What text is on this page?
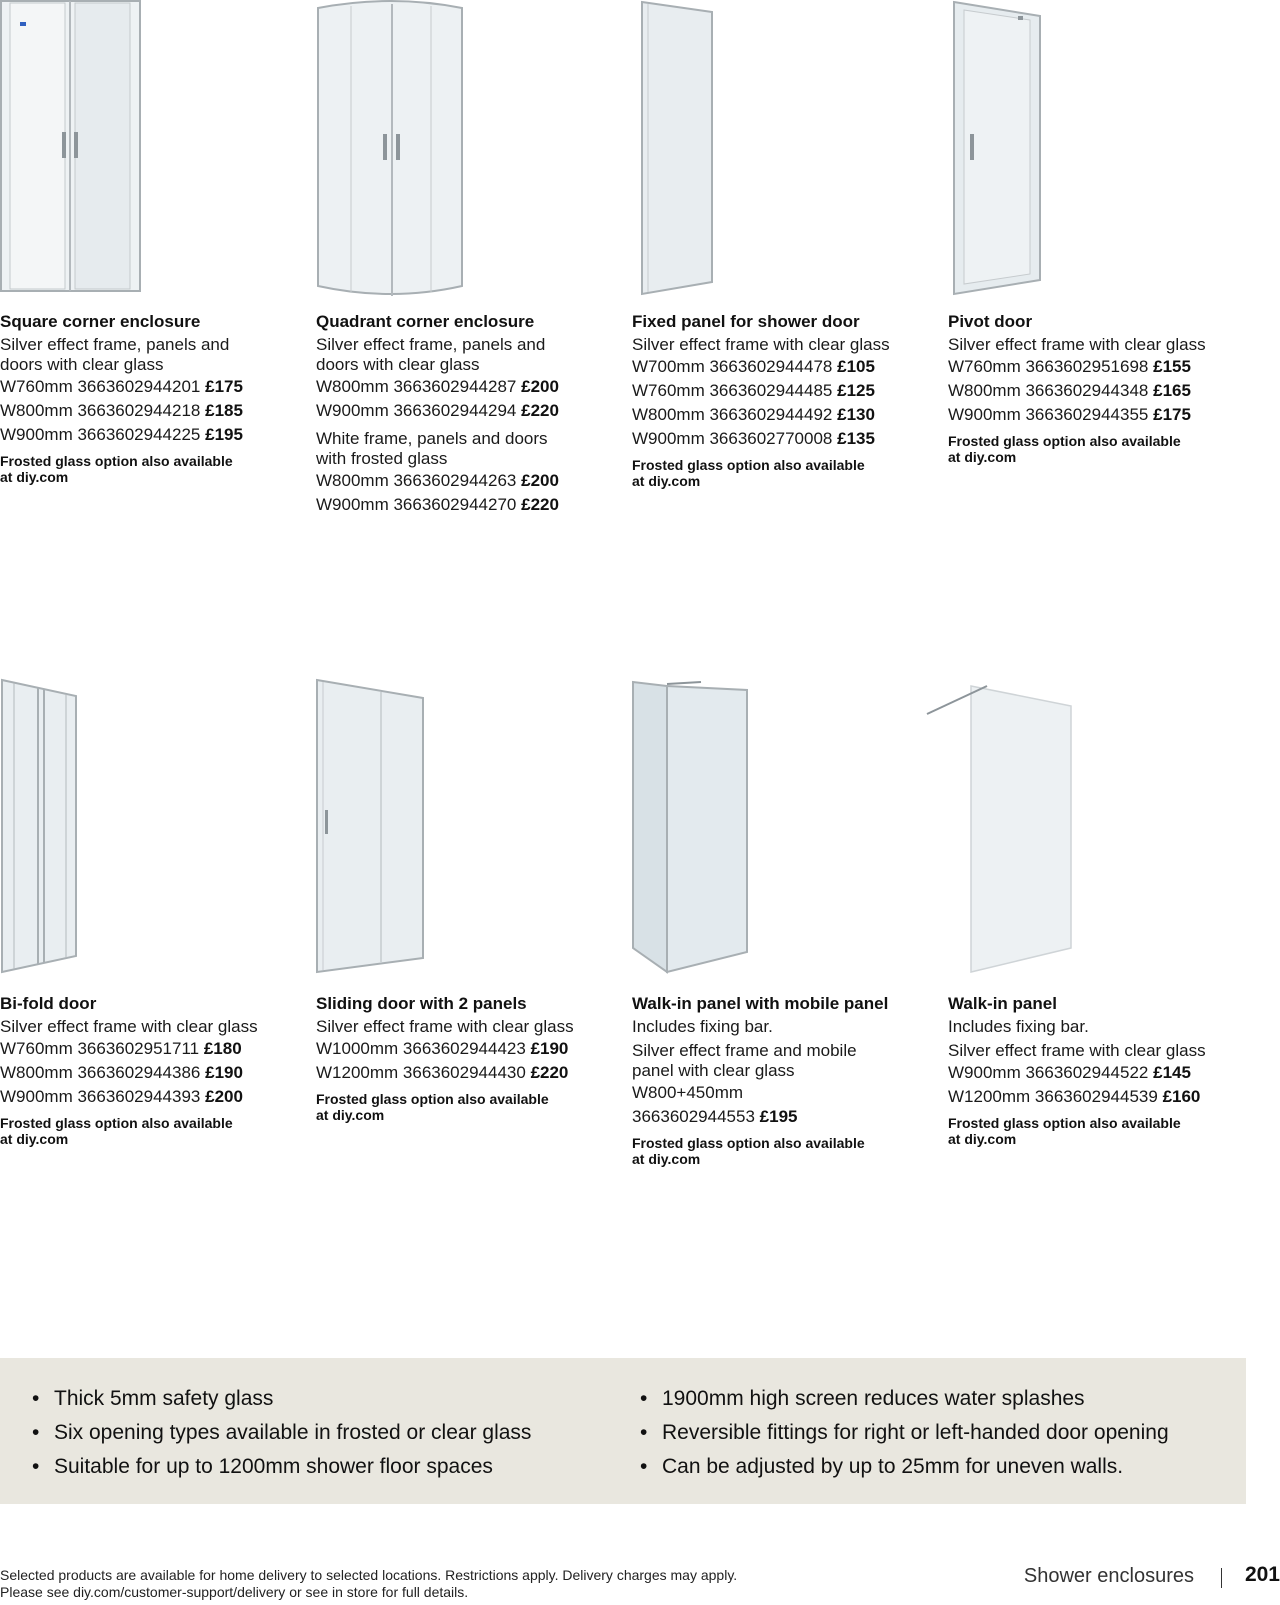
Square corner enclosure
Silver effect frame, panels and
doors with clear glass
W760mm 3663602944201 £175
W800mm 3663602944218 £185
W900mm 3663602944225 £195
Frosted glass option also available
at diy.com
Quadrant corner enclosure
Silver effect frame, panels and
doors with clear glass
W800mm 3663602944287 £200
W900mm 3663602944294 £220
White frame, panels and doors
with frosted glass
W800mm 3663602944263 £200
W900mm 3663602944270 £220
Fixed panel for shower door
Silver effect frame with clear glass
W700mm 3663602944478 £105
W760mm 3663602944485 £125
W800mm 3663602944492 £130
W900mm 3663602770008 £135
Frosted glass option also available
at diy.com
Pivot door
Silver effect frame with clear glass
W760mm 3663602951698 £155
W800mm 3663602944348 £165
W900mm 3663602944355 £175
Frosted glass option also available
at diy.com
Bi-fold door
Silver effect frame with clear glass
W760mm 3663602951711 £180
W800mm 3663602944386 £190
W900mm 3663602944393 £200
Frosted glass option also available
at diy.com
Sliding door with 2 panels
Silver effect frame with clear glass
W1000mm 3663602944423 £190
W1200mm 3663602944430 £220
Frosted glass option also available
at diy.com
Walk-in panel with mobile panel
Includes fixing bar.
Silver effect frame and mobile
panel with clear glass
W800+450mm
3663602944553 £195
Frosted glass option also available
at diy.com
Walk-in panel
Includes fixing bar.
Silver effect frame with clear glass
W900mm 3663602944522 £145
W1200mm 3663602944539 £160
Frosted glass option also available
at diy.com
• Thick 5mm safety glass
• Six opening types available in frosted or clear glass
• Suitable for up to 1200mm shower floor spaces
• 1900mm high screen reduces water splashes
• Reversible fittings for right or left-handed door opening
• Can be adjusted by up to 25mm for uneven walls.
Selected products are available for home delivery to selected locations. Restrictions apply. Delivery charges may apply.
Please see diy.com/customer-support/delivery or see in store for full details.
Shower enclosures 201
